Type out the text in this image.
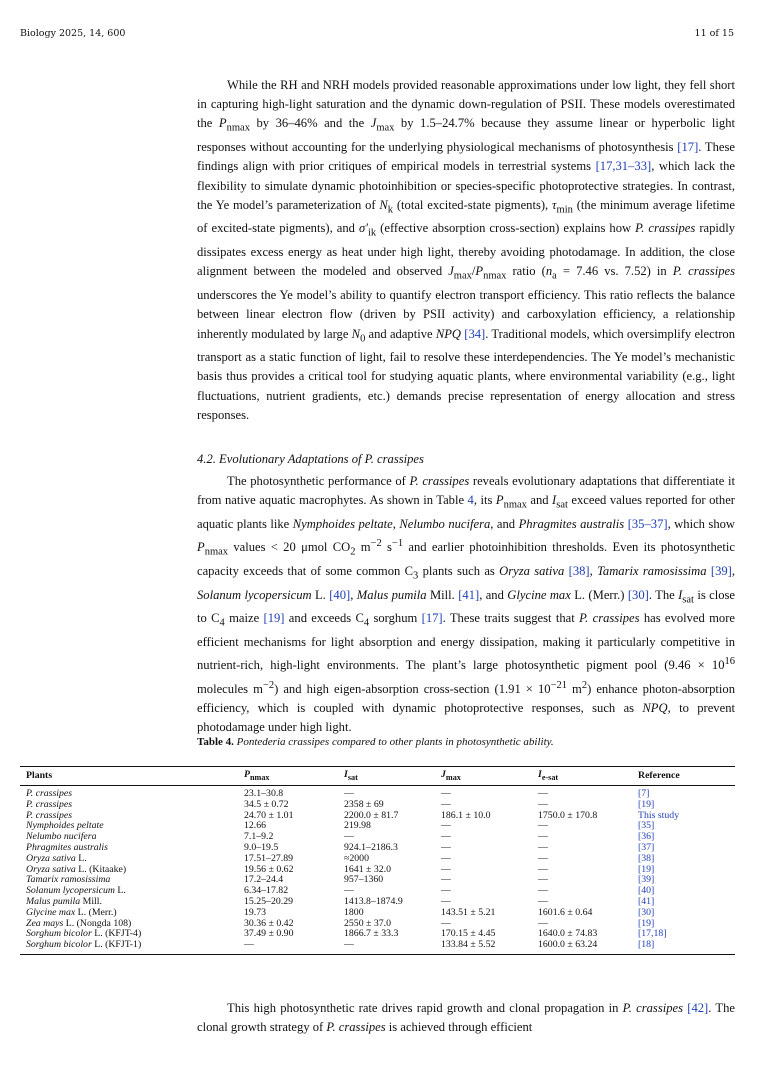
Biology 2025, 14, 600	11 of 15

While the RH and NRH models provided reasonable approximations under low light, they fell short in capturing high-light saturation and the dynamic down-regulation of PSII. These models overestimated the $P_{nmax}$ by 36–46% and the $J_{max}$ by 1.5–24.7% because they assume linear or hyperbolic light responses without accounting for the underlying physiological mechanisms of photosynthesis [17]. These findings align with prior critiques of empirical models in terrestrial systems [17,31–33], which lack the flexibility to simulate dynamic photoinhibition or species-specific photoprotective strategies. In contrast, the Ye model’s parameterization of $N_k$ (total excited-state pigments), $\tau_{min}$ (the minimum average lifetime of excited-state pigments), and $\sigma'_{ik}$ (effective absorption cross-section) explains how P. crassipes rapidly dissipates excess energy as heat under high light, thereby avoiding photodamage. In addition, the close alignment between the modeled and observed $J_{max}/P_{nmax}$ ratio ($n_a = 7.46$ vs. 7.52) in P. crassipes underscores the Ye model’s ability to quantify electron transport efficiency. This ratio reflects the balance between linear electron flow (driven by PSII activity) and carboxylation efficiency, a relationship inherently modulated by large $N_0$ and adaptive NPQ [34]. Traditional models, which oversimplify electron transport as a static function of light, fail to resolve these interdependencies. The Ye model’s mechanistic basis thus provides a critical tool for studying aquatic plants, where environmental variability (e.g., light fluctuations, nutrient gradients, etc.) demands precise representation of energy allocation and stress responses.

4.2. Evolutionary Adaptations of P. crassipes

The photosynthetic performance of P. crassipes reveals evolutionary adaptations that differentiate it from native aquatic macrophytes. As shown in Table 4, its $P_{nmax}$ and $I_{sat}$ exceed values reported for other aquatic plants like Nymphoides peltate, Nelumbo nucifera, and Phragmites australis [35–37], which show $P_{nmax}$ values < 20 μmol $CO_2$ $m^{-2}$ $s^{-1}$ and earlier photoinhibition thresholds. Even its photosynthetic capacity exceeds that of some common $C_3$ plants such as Oryza sativa [38], Tamarix ramosissima [39], Solanum lycopersicum L. [40], Malus pumila Mill. [41], and Glycine max L. (Merr.) [30]. The $I_{sat}$ is close to $C_4$ maize [19] and exceeds $C_4$ sorghum [17]. These traits suggest that P. crassipes has evolved more efficient mechanisms for light absorption and energy dissipation, making it particularly competitive in nutrient-rich, high-light environments. The plant’s large photosynthetic pigment pool ($9.46 \times 10^{16}$ molecules $m^{-2}$) and high eigen-absorption cross-section ($1.91 \times 10^{-21}$ $m^2$) enhance photon-absorption efficiency, which is coupled with dynamic photoprotective responses, such as NPQ, to prevent photodamage under high light.

Table 4. Pontederia crassipes compared to other plants in photosynthetic ability.
Plants	$P_{nmax}$	$I_{sat}$	$J_{max}$	$I_{e-sat}$	Reference
P. crassipes	23.1–30.8	—	—	—	[7]
P. crassipes	34.5 ± 0.72	2358 ± 69	—	—	[19]
P. crassipes	24.70 ± 1.01	2200.0 ± 81.7	186.1 ± 10.0	1750.0 ± 170.8	This study
Nymphoides peltate	12.66	219.98	—	—	[35]
Nelumbo nucifera	7.1–9.2	—	—	—	[36]
Phragmites australis	9.0–19.5	924.1–2186.3	—	—	[37]
Oryza sativa L.	17.51–27.89	≈2000	—	—	[38]
Oryza sativa L. (Kitaake)	19.56 ± 0.62	1641 ± 32.0	—	—	[19]
Tamarix ramosissima	17.2–24.4	957–1360	—	—	[39]
Solanum lycopersicum L.	6.34–17.82	—	—	—	[40]
Malus pumila Mill.	15.25–20.29	1413.8–1874.9	—	—	[41]
Glycine max L. (Merr.)	19.73	1800	143.51 ± 5.21	1601.6 ± 0.64	[30]
Zea mays L. (Nongda 108)	30.36 ± 0.42	2550 ± 37.0	—	—	[19]
Sorghum bicolor L. (KFJT-4)	37.49 ± 0.90	1866.7 ± 33.3	170.15 ± 4.45	1640.0 ± 74.83	[17,18]
Sorghum bicolor L. (KFJT-1)	—	—	133.84 ± 5.52	1600.0 ± 63.24	[18]

This high photosynthetic rate drives rapid growth and clonal propagation in P. crassipes [42]. The clonal growth strategy of P. crassipes is achieved through efficient
